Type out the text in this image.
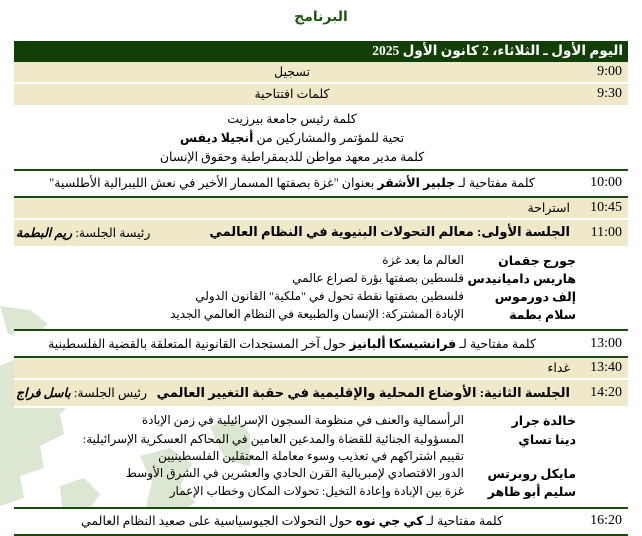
البرنامج
اليوم الأول ـ الثلاثاء، 2 كانون الأول 2025
9:00
تسجيل
9:30
كلمات افتتاحية
كلمة رئيس جامعة بيرزيت
تحية للمؤتمر والمشاركين من أنجيلا ديفس
كلمة مدير معهد مواطن للديمقراطية وحقوق الإنسان
10:00
كلمة مفتاحية لـ جلبير الأشقر بعنوان "غزة بصفتها المسمار الأخير في نعش الليبرالية الأطلسية"
10:45
استراحة
11:00
الجلسة الأولى: معالم التحولات البنيوية في النظام العالمي
رئيسة الجلسة: ريم البطمة
جورج جقمان
العالم ما بعد غزة
هاريس داميانيدس
فلسطين بصفتها بؤرة لصراع عالمي
إلف دورموس
فلسطين بصفتها نقطة تحول في "ملكية" القانون الدولي
سلام بطمة
الإبادة المشتركة: الإنسان والطبيعة في النظام العالمي الجديد
13:00
كلمة مفتاحية لـ فرانشيسكا ألبانيز حول آخر المستجدات القانونية المتعلقة بالقضية الفلسطينية
13:40
غداء
14:20
الجلسة الثانية: الأوضاع المحلية والإقليمية في حقبة التغيير العالمي
رئيس الجلسة: باسل فراج
خالدة جرار
الرأسمالية والعنف في منظومة السجون الإسرائيلية في زمن الإبادة
دينا تساي
المسؤولية الجنائية للقضاة والمدعين العامين في المحاكم العسكرية الإسرائيلية: تقييم اشتراكهم في تعذيب وسوء معاملة المعتقلين الفلسطينيين
مايكل روبرتس
الدور الاقتصادي لإمبريالية القرن الحادي والعشرين في الشرق الأوسط
سليم أبو ظاهر
غزة بين الإبادة وإعادة التخيل: تحولات المكان وخطاب الإعمار
16:20
كلمة مفتاحية لـ كي جي نوه حول التحولات الجيوسياسية على صعيد النظام العالمي
